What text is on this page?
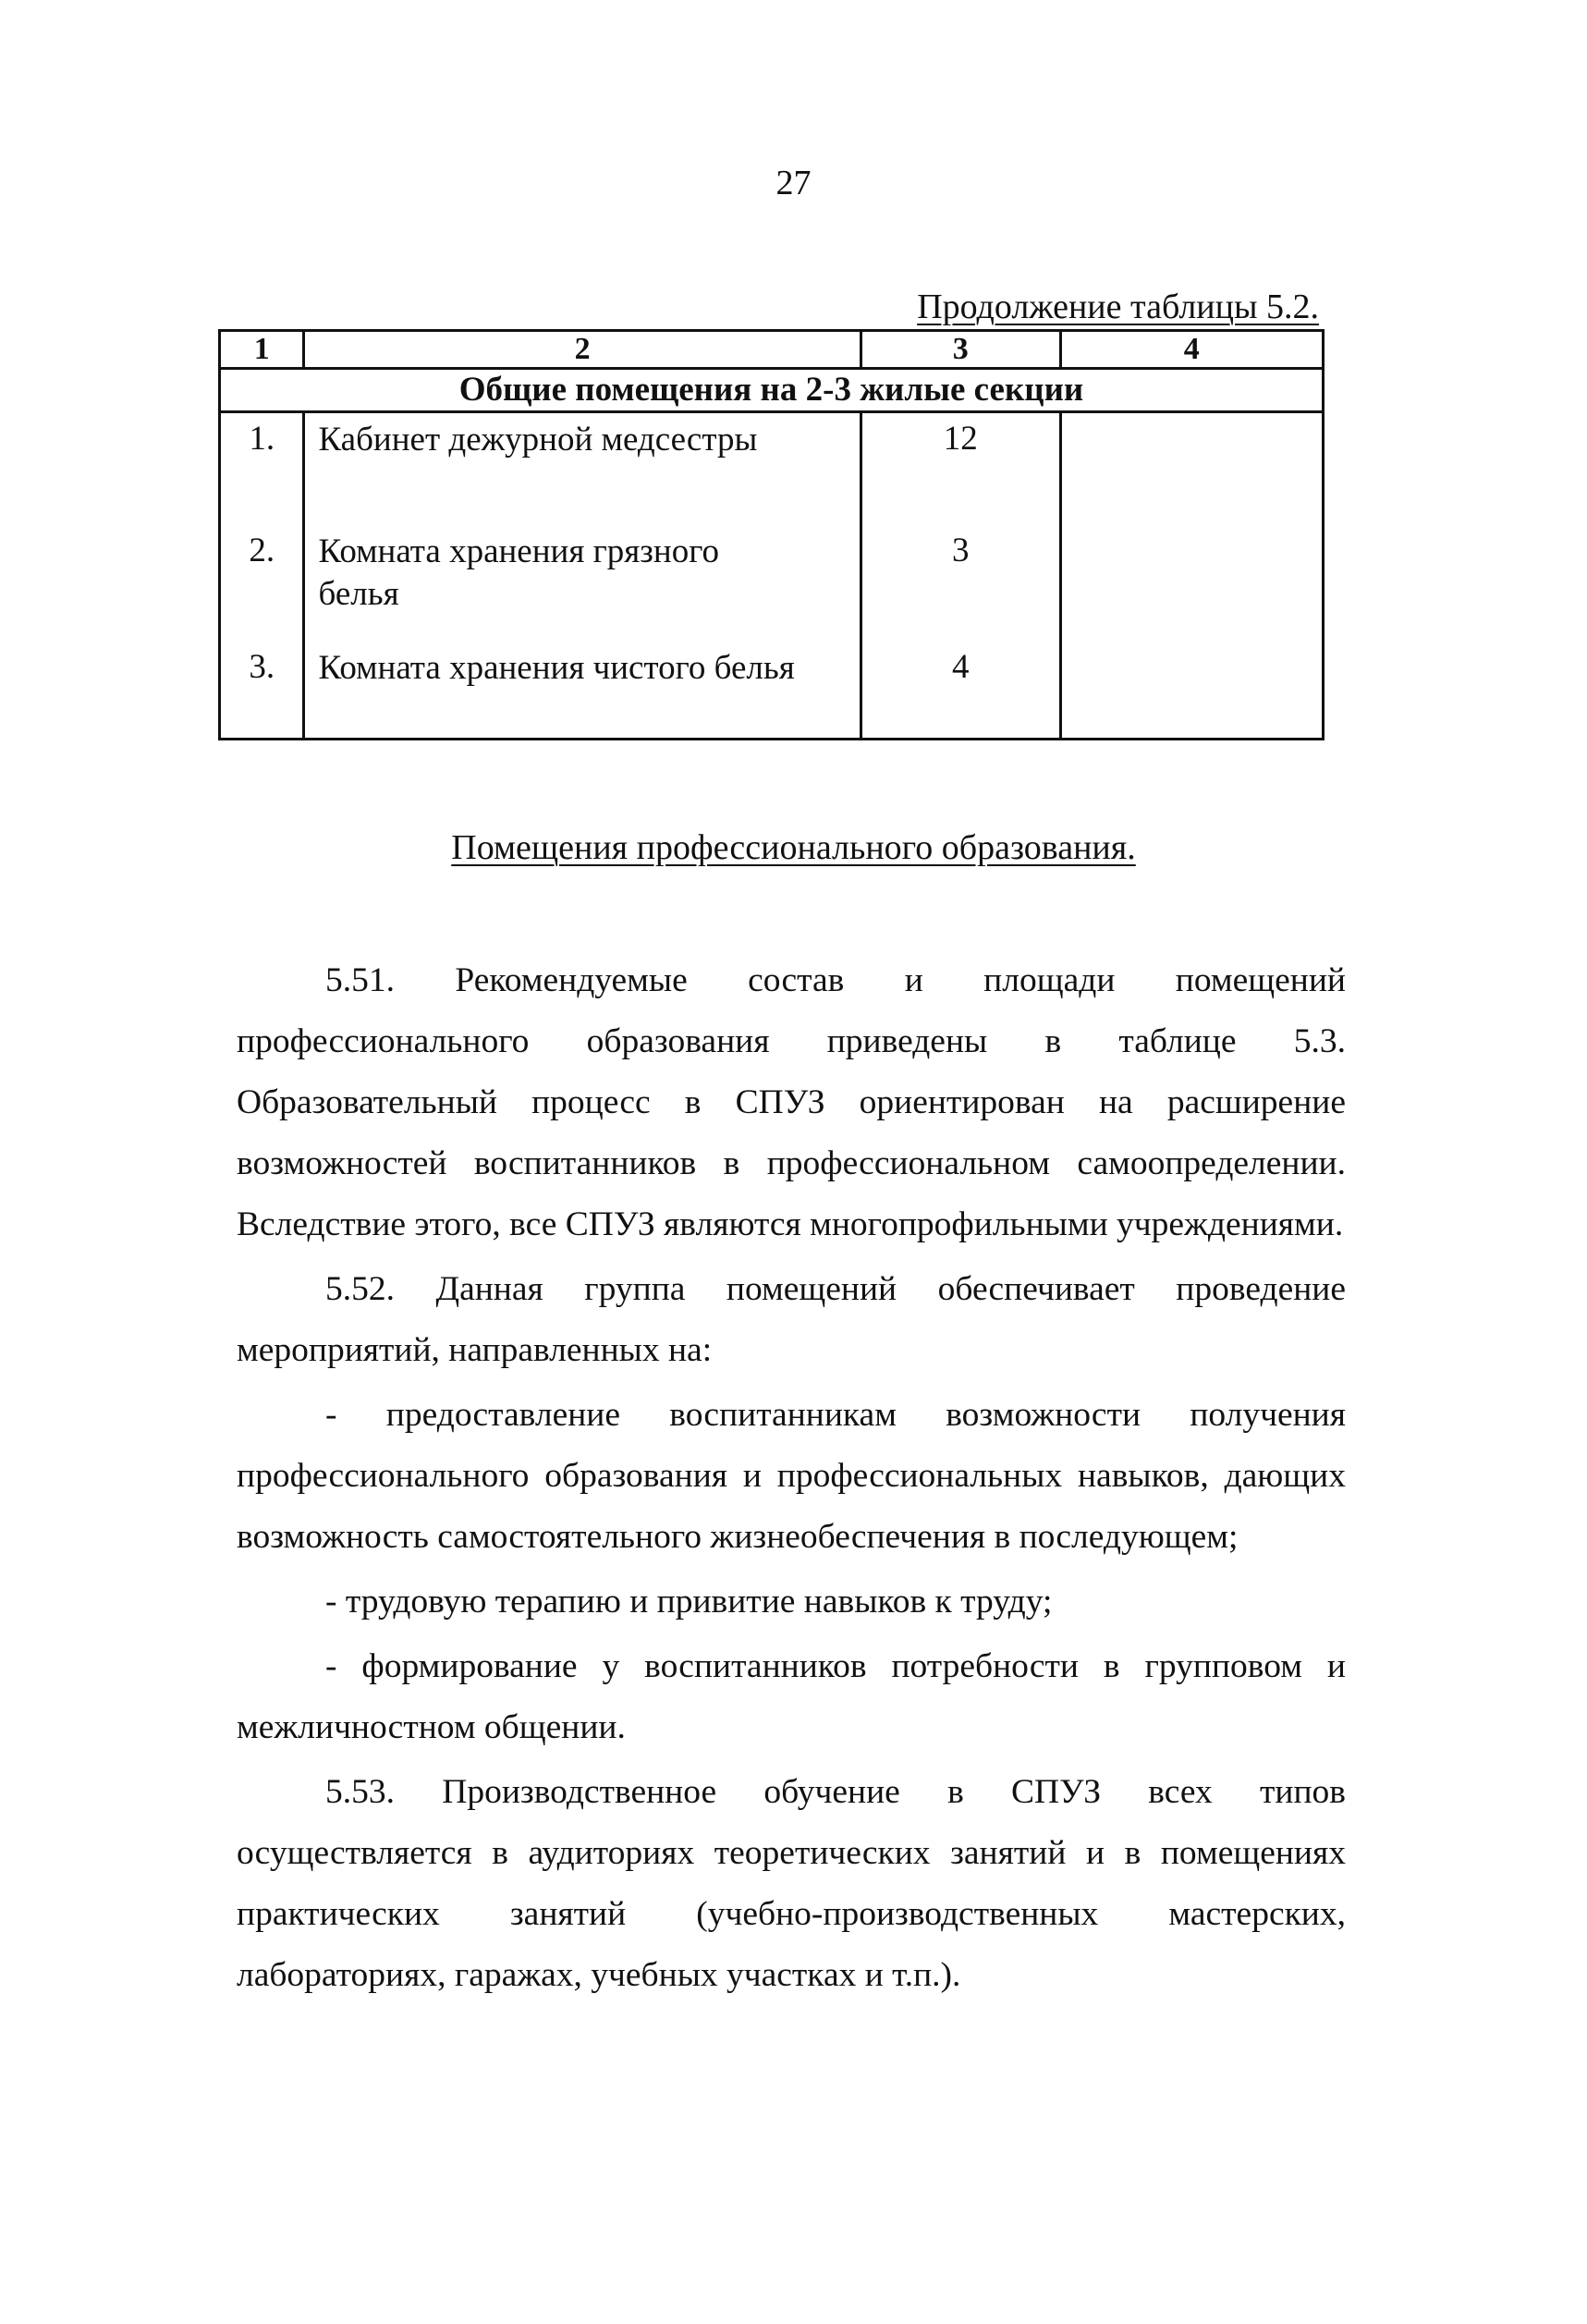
27
Продолжение таблицы 5.2.
1	2	3	4
Общие помещения на 2-3 жилые секции			
1.	Кабинет дежурной медсестры	12	
2.	Комната хранения грязного белья	3	
3.	Комната хранения чистого белья	4	
Помещения профессионального образования.

5.51. Рекомендуемые состав и площади помещений профессионального образования приведены в таблице 5.3. Образовательный процесс в СПУЗ ориентирован на расширение возможностей воспитанников в профессиональном самоопределении. Вследствие этого, все СПУЗ являются многопрофильными учреждениями.

5.52. Данная группа помещений обеспечивает проведение мероприятий, направленных на:

- предоставление воспитанникам возможности получения профессионального образования и профессиональных навыков, дающих возможность самостоятельного жизнеобеспечения в последующем;

- трудовую терапию и привитие навыков к труду;

- формирование у воспитанников потребности в групповом и межличностном общении.

5.53. Производственное обучение в СПУЗ всех типов осуществляется в аудиториях теоретических занятий и в помещениях практических занятий (учебно-производственных мастерских, лабораториях, гаражах, учебных участках и т.п.).
